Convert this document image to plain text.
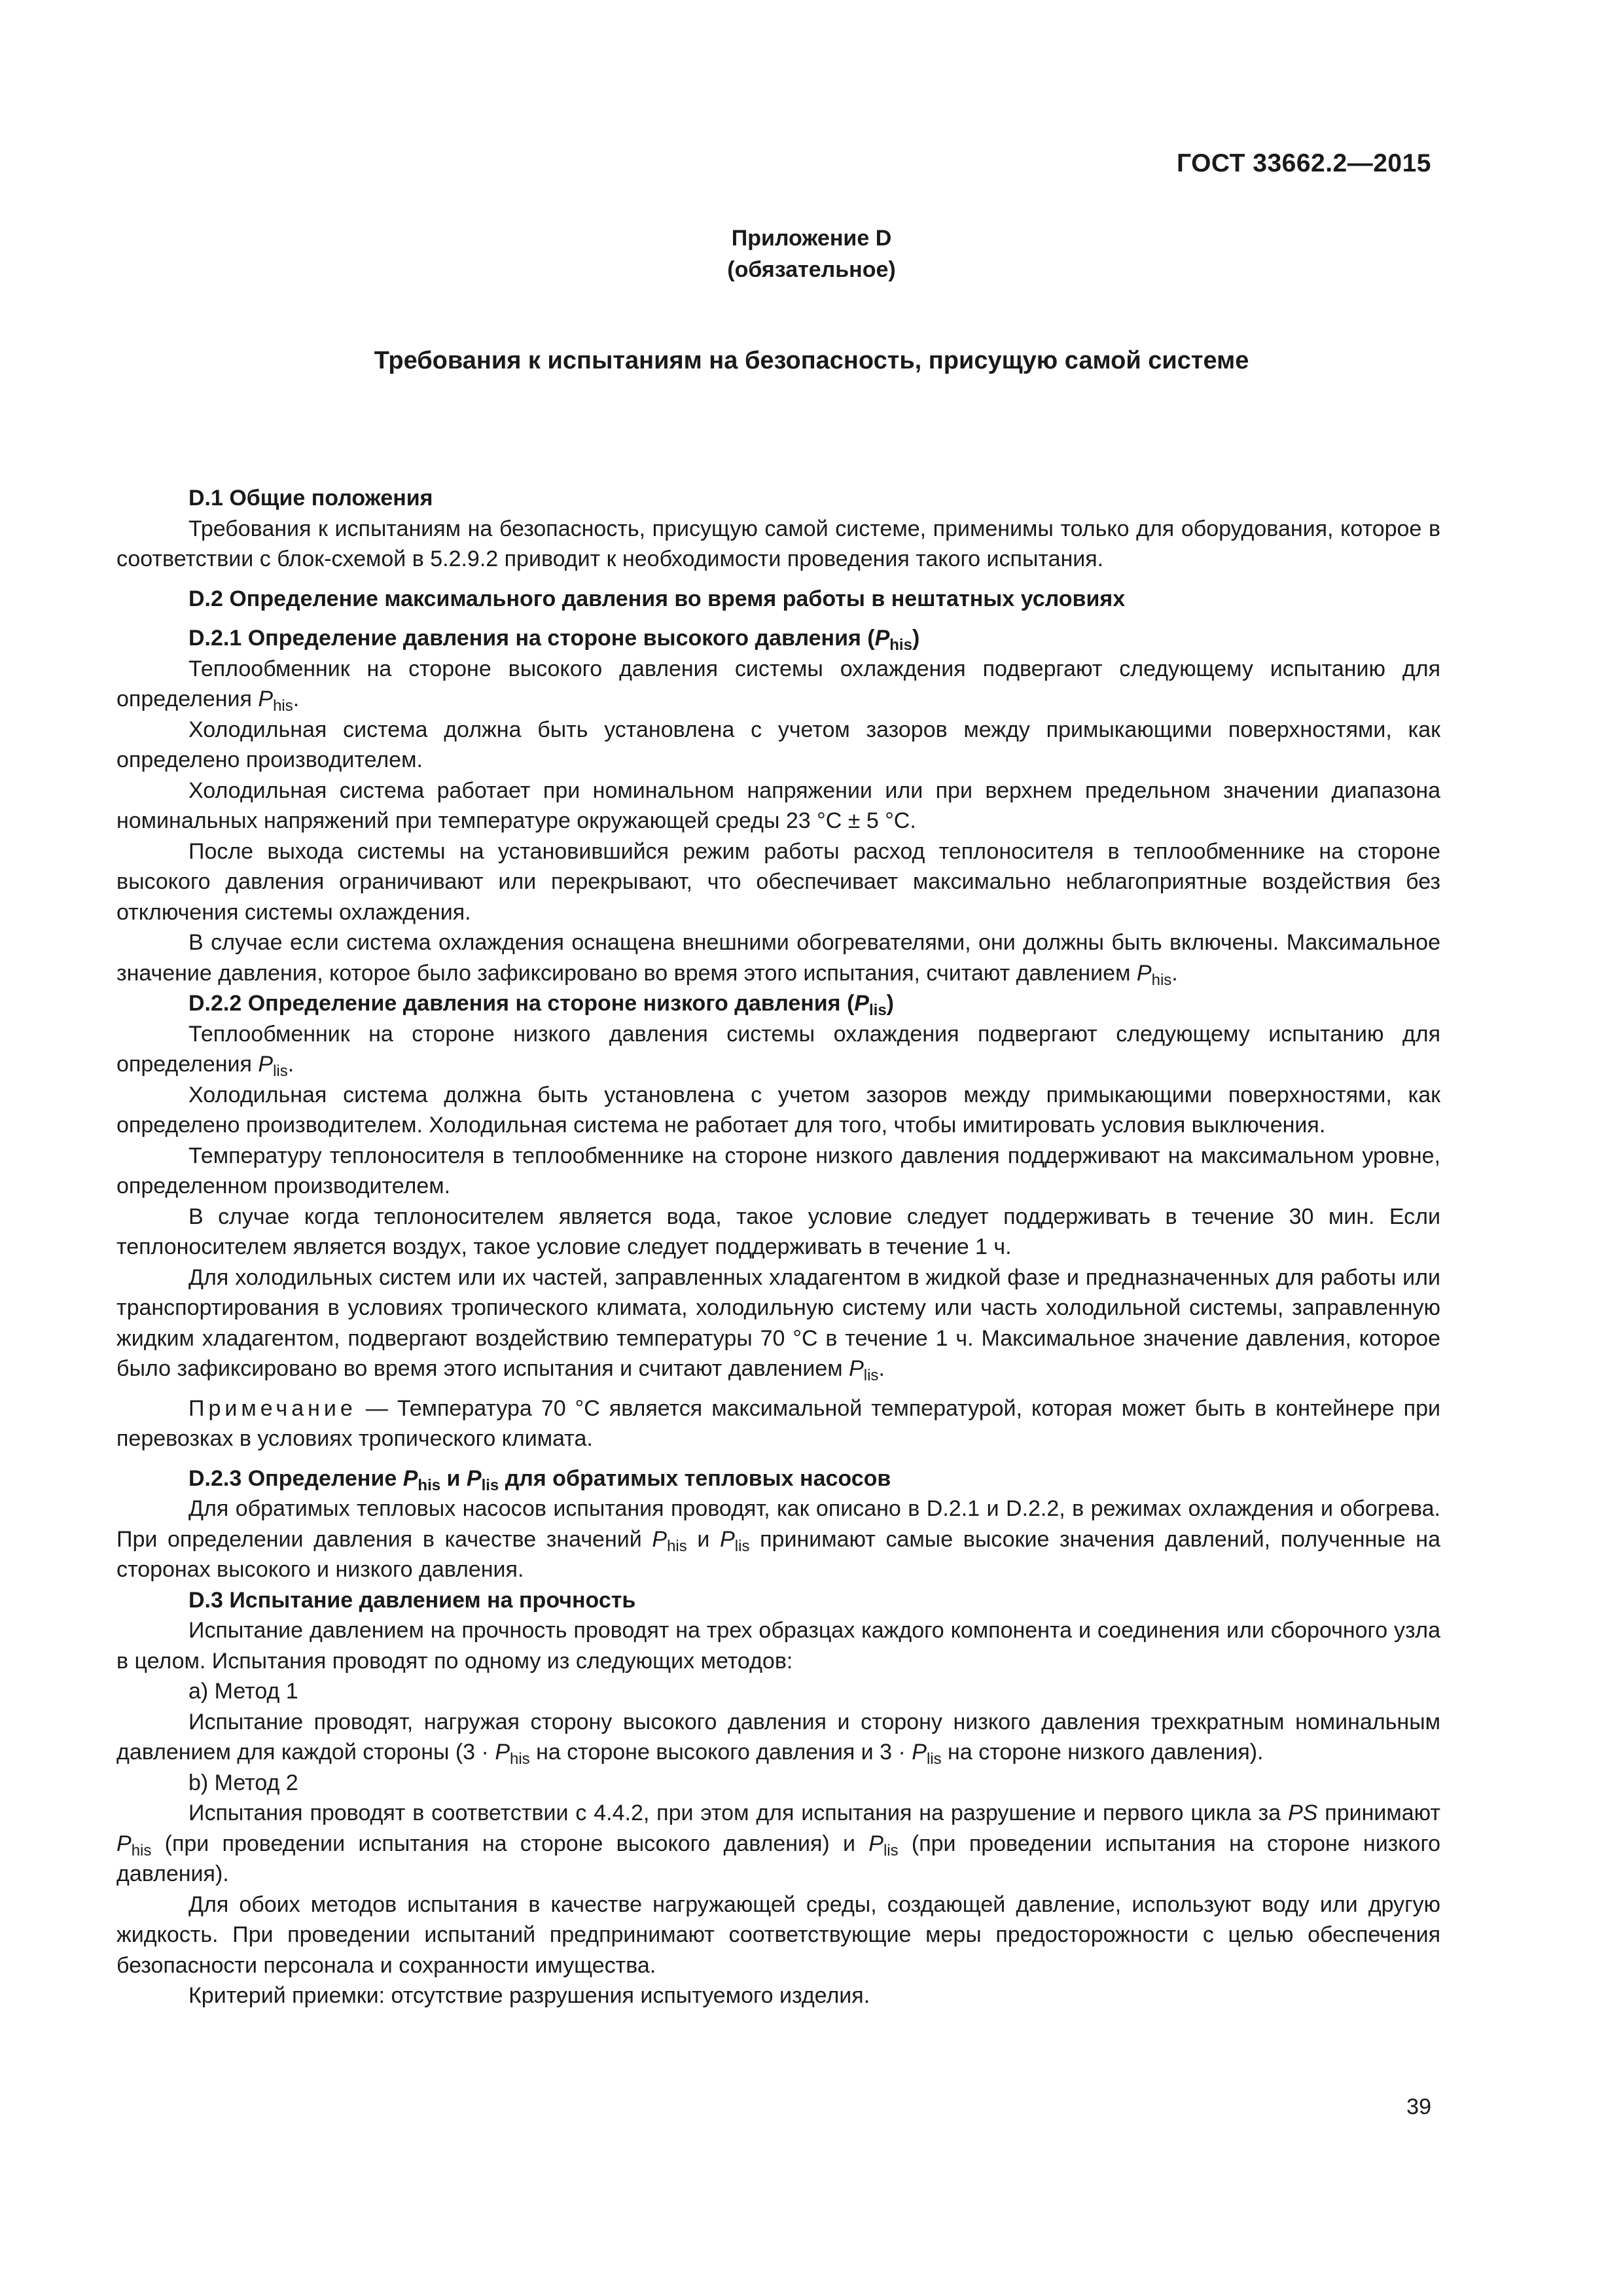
ГОСТ 33662.2—2015
Приложение D
(обязательное)
Требования к испытаниям на безопасность, присущую самой системе

D.1 Общие положения

Требования к испытаниям на безопасность, присущую самой системе, применимы только для оборудования, которое в соответствии с блок-схемой в 5.2.9.2 приводит к необходимости проведения такого испытания.

D.2 Определение максимального давления во время работы в нештатных условиях

D.2.1 Определение давления на стороне высокого давления $(P_{his})$

Теплообменник на стороне высокого давления системы охлаждения подвергают следующему испытанию для определения $P_{his}$.

Холодильная система должна быть установлена с учетом зазоров между примыкающими поверхностями, как определено производителем.

Холодильная система работает при номинальном напряжении или при верхнем предельном значении диапазона номинальных напряжений при температуре окружающей среды 23 °С ± 5 °С.

После выхода системы на установившийся режим работы расход теплоносителя в теплообменнике на стороне высокого давления ограничивают или перекрывают, что обеспечивает максимально неблагоприятные воздействия без отключения системы охлаждения.

В случае если система охлаждения оснащена внешними обогревателями, они должны быть включены. Максимальное значение давления, которое было зафиксировано во время этого испытания, считают давлением $P_{his}$.

D.2.2 Определение давления на стороне низкого давления $(P_{lis})$

Теплообменник на стороне низкого давления системы охлаждения подвергают следующему испытанию для определения $P_{lis}$.

Холодильная система должна быть установлена с учетом зазоров между примыкающими поверхностями, как определено производителем. Холодильная система не работает для того, чтобы имитировать условия выключения.

Температуру теплоносителя в теплообменнике на стороне низкого давления поддерживают на максимальном уровне, определенном производителем.

В случае когда теплоносителем является вода, такое условие следует поддерживать в течение 30 мин. Если теплоносителем является воздух, такое условие следует поддерживать в течение 1 ч.

Для холодильных систем или их частей, заправленных хладагентом в жидкой фазе и предназначенных для работы или транспортирования в условиях тропического климата, холодильную систему или часть холодильной системы, заправленную жидким хладагентом, подвергают воздействию температуры 70 °С в течение 1 ч. Максимальное значение давления, которое было зафиксировано во время этого испытания и считают давлением $P_{lis}$.

Примечание — Температура 70 °С является максимальной температурой, которая может быть в контейнере при перевозках в условиях тропического климата.

D.2.3 Определение $P_{his}$ и $P_{lis}$ для обратимых тепловых насосов

Для обратимых тепловых насосов испытания проводят, как описано в D.2.1 и D.2.2, в режимах охлаждения и обогрева. При определении давления в качестве значений $P_{his}$ и $P_{lis}$ принимают самые высокие значения давлений, полученные на сторонах высокого и низкого давления.

D.3 Испытание давлением на прочность

Испытание давлением на прочность проводят на трех образцах каждого компонента и соединения или сборочного узла в целом. Испытания проводят по одному из следующих методов:

а) Метод 1

Испытание проводят, нагружая сторону высокого давления и сторону низкого давления трехкратным номинальным давлением для каждой стороны ($3 \cdot P_{his}$ на стороне высокого давления и $3 \cdot P_{lis}$ на стороне низкого давления).

b) Метод 2

Испытания проводят в соответствии с 4.4.2, при этом для испытания на разрушение и первого цикла за PS принимают $P_{his}$ (при проведении испытания на стороне высокого давления) и $P_{lis}$ (при проведении испытания на стороне низкого давления).

Для обоих методов испытания в качестве нагружающей среды, создающей давление, используют воду или другую жидкость. При проведении испытаний предпринимают соответствующие меры предосторожности с целью обеспечения безопасности персонала и сохранности имущества.

Критерий приемки: отсутствие разрушения испытуемого изделия.

39
